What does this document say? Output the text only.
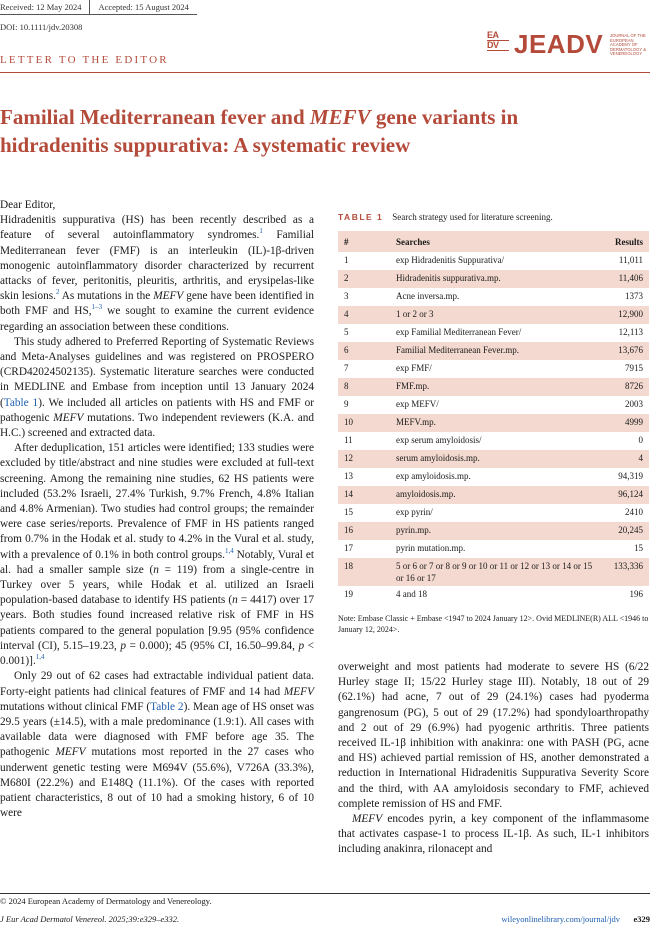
Received: 12 May 2024 Accepted: 15 August 2024
DOI: 10.1111/jdv.20308
EA
DV JEADV JOURNAL OF THE EUROPEAN ACADEMY OF DERMATOLOGY & VENEREOLOGY
LETTER TO THE EDITOR
Familial Mediterranean fever and MEFV gene variants in hidradenitis suppurativa: A systematic review

Dear Editor,

Hidradenitis suppurativa (HS) has been recently described as a feature of several autoinflammatory syndromes.$^1$ Familial Mediterranean fever (FMF) is an interleukin (IL)-1β-driven monogenic autoinflammatory disorder characterized by recurrent attacks of fever, peritonitis, pleuritis, arthritis, and erysipelas-like skin lesions.$^2$ As mutations in the MEFV gene have been identified in both FMF and HS,$^{1-3}$ we sought to examine the current evidence regarding an association between these conditions.

This study adhered to Preferred Reporting of Systematic Reviews and Meta-Analyses guidelines and was registered on PROSPERO (CRD42024502135). Systematic literature searches were conducted in MEDLINE and Embase from inception until 13 January 2024 (Table 1). We included all articles on patients with HS and FMF or pathogenic MEFV mutations. Two independent reviewers (K.A. and H.C.) screened and extracted data.

After deduplication, 151 articles were identified; 133 studies were excluded by title/abstract and nine studies were excluded at full-text screening. Among the remaining nine studies, 62 HS patients were included (53.2% Israeli, 27.4% Turkish, 9.7% French, 4.8% Italian and 4.8% Armenian). Two studies had control groups; the remainder were case series/reports. Prevalence of FMF in HS patients ranged from 0.7% in the Hodak et al. study to 4.2% in the Vural et al. study, with a prevalence of 0.1% in both control groups.$^{1,4}$ Notably, Vural et al. had a smaller sample size (n = 119) from a single-centre in Turkey over 5 years, while Hodak et al. utilized an Israeli population-based database to identify HS patients (n = 4417) over 17 years. Both studies found increased relative risk of FMF in HS patients compared to the general population [9.95 (95% confidence interval (CI), 5.15–19.23, p = 0.000); 45 (95% CI, 16.50–99.84, p < 0.001)].$^{1,4}$

Only 29 out of 62 cases had extractable individual patient data. Forty-eight patients had clinical features of FMF and 14 had MEFV mutations without clinical FMF (Table 2). Mean age of HS onset was 29.5 years (±14.5), with a male predominance (1.9:1). All cases with available data were diagnosed with FMF before age 35. The pathogenic MEFV mutations most reported in the 27 cases who underwent genetic testing were M694V (55.6%), V726A (33.3%), M680I (22.2%) and E148Q (11.1%). Of the cases with reported patient characteristics, 8 out of 10 had a smoking history, 6 of 10 were

TABLE 1 Search strategy used for literature screening.
#	Searches	Results
1	exp Hidradenitis Suppurativa/	11,011
2	Hidradenitis suppurativa.mp.	11,406
3	Acne inversa.mp.	1373
4	1 or 2 or 3	12,900
5	exp Familial Mediterranean Fever/	12,113
6	Familial Mediterranean Fever.mp.	13,676
7	exp FMF/	7915
8	FMF.mp.	8726
9	exp MEFV/	2003
10	MEFV.mp.	4999
11	exp serum amyloidosis/	0
12	serum amyloidosis.mp.	4
13	exp amyloidosis.mp.	94,319
14	amyloidosis.mp.	96,124
15	exp pyrin/	2410
16	pyrin.mp.	20,245
17	pyrin mutation.mp.	15
18	5 or 6 or 7 or 8 or 9 or 10 or 11 or 12 or 13 or 14 or 15 or 16 or 17	133,336
19	4 and 18	196
Note: Embase Classic + Embase <1947 to 2024 January 12>. Ovid MEDLINE(R) ALL <1946 to January 12, 2024>.

overweight and most patients had moderate to severe HS (6/22 Hurley stage II; 15/22 Hurley stage III). Notably, 18 out of 29 (62.1%) had acne, 7 out of 29 (24.1%) cases had pyoderma gangrenosum (PG), 5 out of 29 (17.2%) had spondyloarthropathy and 2 out of 29 (6.9%) had pyogenic arthritis. Three patients received IL-1β inhibition with anakinra: one with PASH (PG, acne and HS) achieved partial remission of HS, another demonstrated a reduction in International Hidradenitis Suppurativa Severity Score and the third, with AA amyloidosis secondary to FMF, achieved complete remission of HS and FMF.

MEFV encodes pyrin, a key component of the inflammasome that activates caspase-1 to process IL-1β. As such, IL-1 inhibitors including anakinra, rilonacept and

© 2024 European Academy of Dermatology and Venereology.
J Eur Acad Dermatol Venereol. 2025;39:e329–e332.	wileyonlinelibrary.com/journal/jdv e329
